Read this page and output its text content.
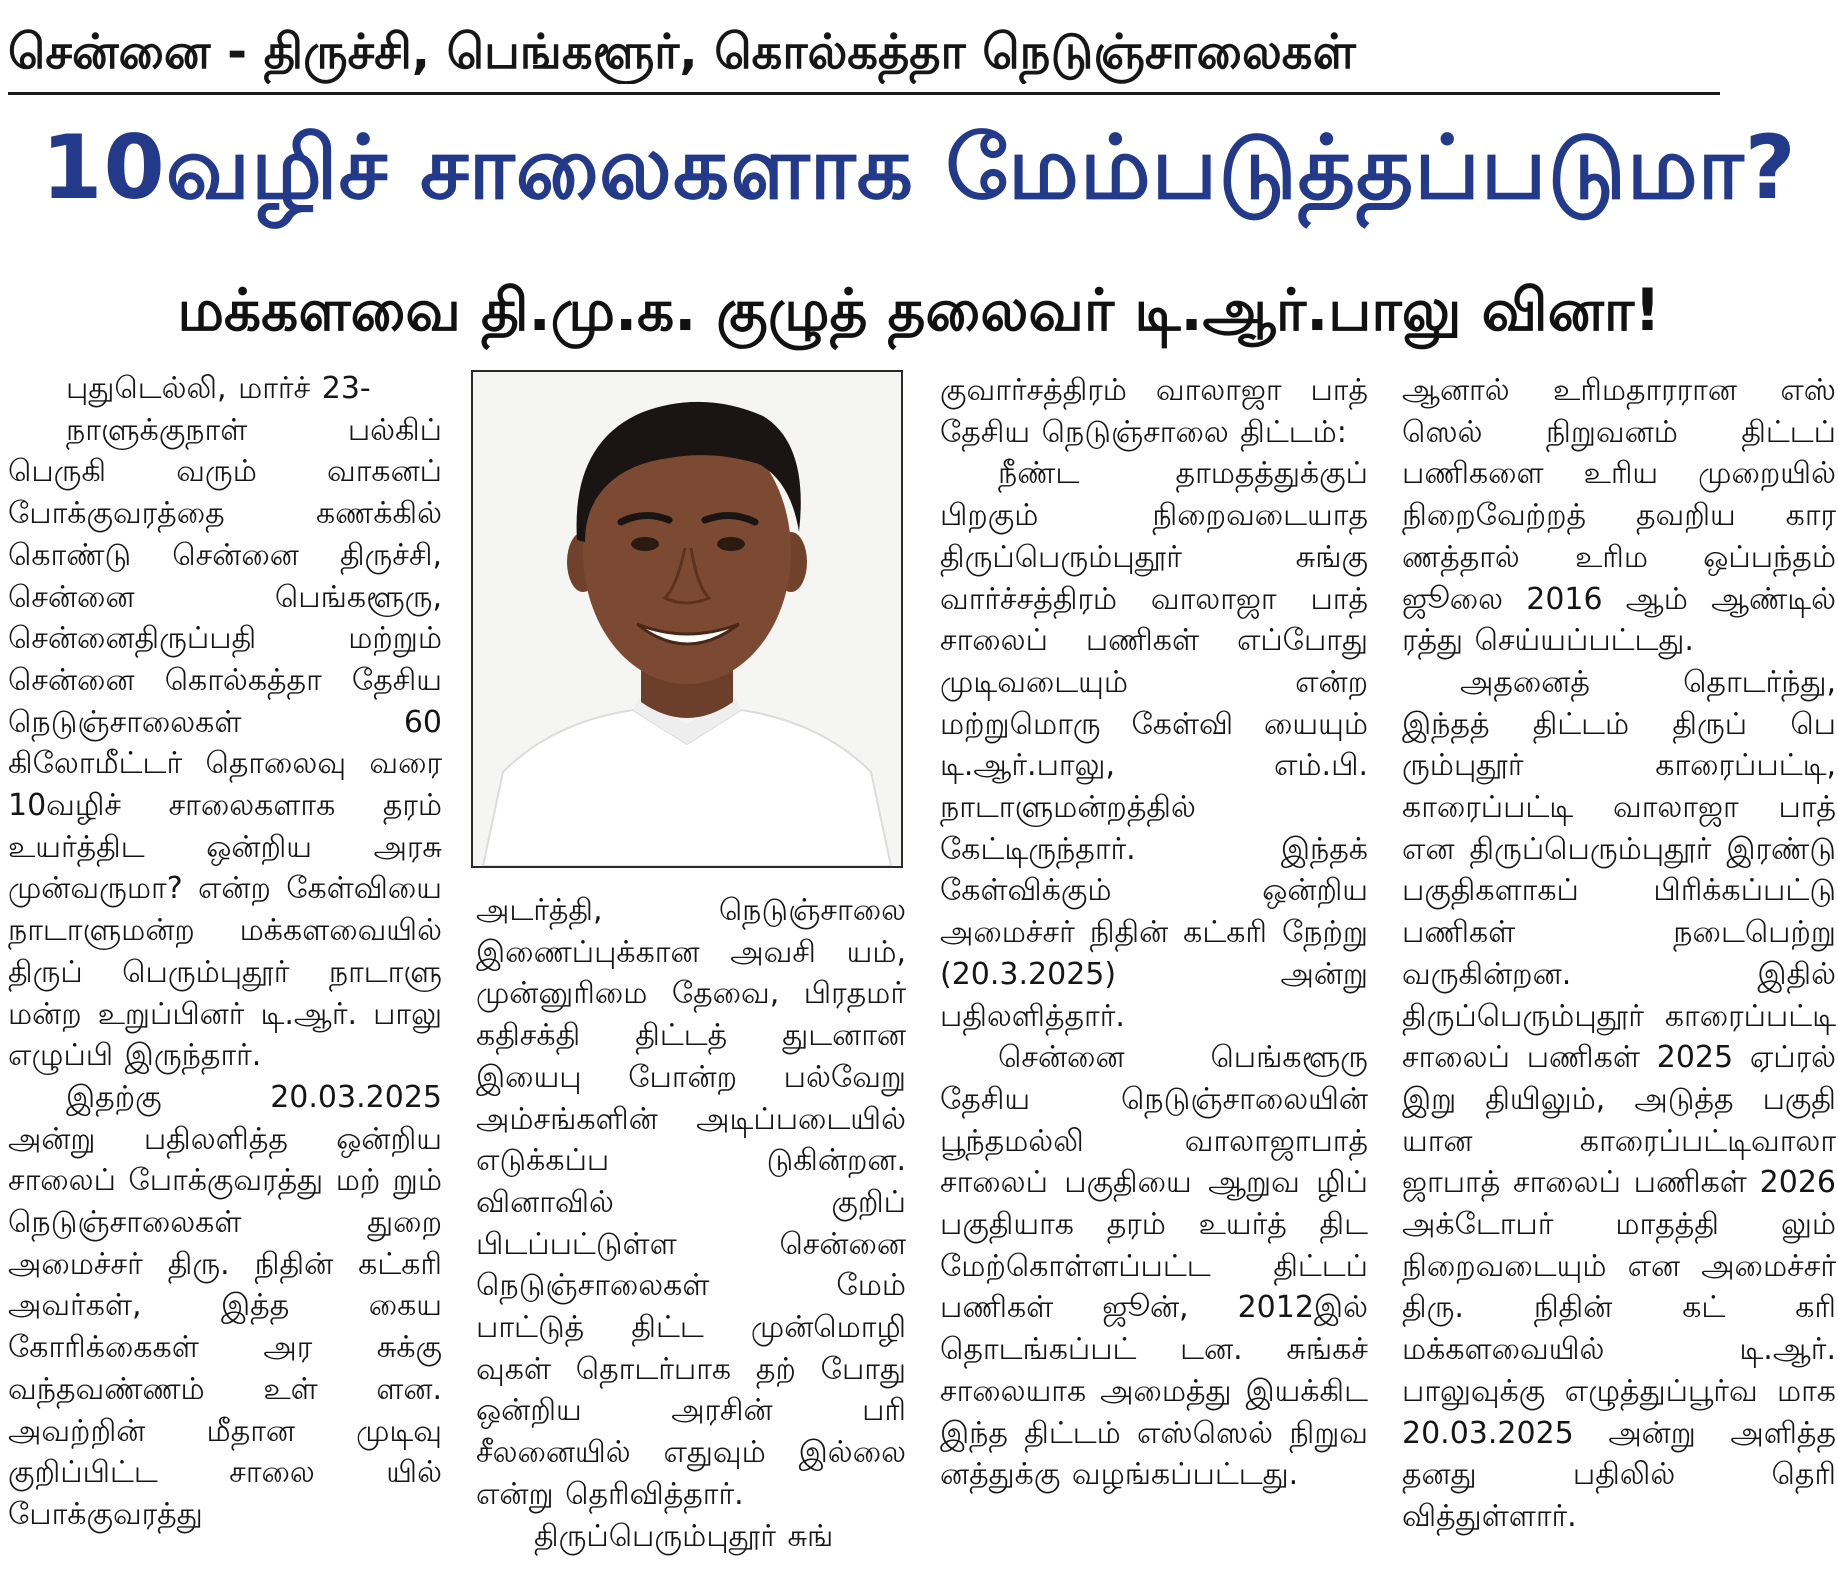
சென்னை - திருச்சி, பெங்களூர், கொல்கத்தா நெடுஞ்சாலைகள்
10வழிச் சாலைகளாக மேம்படுத்தப்படுமா?
மக்களவை தி.மு.க. குழுத் தலைவர் டி.ஆர்.பாலு வினா!

புதுடெல்லி, மார்ச் 23-

நாளுக்குநாள் பல்கிப் பெருகி வரும் வாகனப் போக்குவரத்தை கணக்கில் கொண்டு சென்னை திருச்சி, சென்னை பெங்களூரு, சென்னைதிருப்பதி மற்றும் சென்னை கொல்கத்தா தேசிய நெடுஞ்சாலைகள் 60 கிலோமீட்டர் தொலைவு வரை 10வழிச் சாலைகளாக தரம் உயர்த்திட ஒன்றிய அரசு முன்வருமா? என்ற கேள்வியை நாடாளுமன்ற மக்களவையில் திருப் பெரும்புதூர் நாடாளு மன்ற உறுப்பினர் டி.ஆர். பாலு எழுப்பி இருந்தார்.

இதற்கு 20.03.2025 அன்று பதிலளித்த ஒன்றிய சாலைப் போக்குவரத்து மற் றும் நெடுஞ்சாலைகள் துறை அமைச்சர் திரு. நிதின் கட்கரி அவர்கள், இத்த கைய கோரிக்கைகள் அர சுக்கு வந்தவண்ணம் உள் ளன. அவற்றின் மீதான முடிவு குறிப்பிட்ட சாலை யில் போக்குவரத்து

அடர்த்தி, நெடுஞ்சாலை இணைப்புக்கான அவசி யம், முன்னுரிமை தேவை, பிரதமர் கதிசக்தி திட்டத் துடனான இயைபு போன்ற பல்வேறு அம்சங்களின் அடிப்படையில் எடுக்கப்ப டுகின்றன. வினாவில் குறிப் பிடப்பட்டுள்ள சென்னை நெடுஞ்சாலைகள் மேம் பாட்டுத் திட்ட முன்மொழி வுகள் தொடர்பாக தற் போது ஒன்றிய அரசின் பரி சீலனையில் எதுவும் இல்லை என்று தெரிவித்தார்.

திருப்பெரும்புதூர் சுங்

குவார்சத்திரம் வாலாஜா பாத் தேசிய நெடுஞ்சாலை திட்டம்:

நீண்ட தாமதத்துக்குப் பிறகும் நிறைவடையாத திருப்பெரும்புதூர் சுங்கு வார்ச்சத்திரம் வாலாஜா பாத் சாலைப் பணிகள் எப்போது முடிவடையும் என்ற மற்றுமொரு கேள்வி யையும் டி.ஆர்.பாலு, எம்.பி. நாடாளுமன்றத்தில் கேட்டிருந்தார். இந்தக் கேள்விக்கும் ஒன்றிய அமைச்சர் நிதின் கட்கரி நேற்று (20.3.2025) அன்று பதிலளித்தார்.

சென்னை பெங்களூரு தேசிய நெடுஞ்சாலையின் பூந்தமல்லி வாலாஜாபாத் சாலைப் பகுதியை ஆறுவ ழிப் பகுதியாக தரம் உயர்த் திட மேற்கொள்ளப்பட்ட திட்டப் பணிகள் ஜூன், 2012இல் தொடங்கப்பட் டன. சுங்கச் சாலையாக அமைத்து இயக்கிட இந்த திட்டம் எஸ்ஸெல் நிறுவ னத்துக்கு வழங்கப்பட்டது.

ஆனால் உரிமதாரரான எஸ் ஸெல் நிறுவனம் திட்டப் பணிகளை உரிய முறையில் நிறைவேற்றத் தவறிய கார ணத்தால் உரிம ஒப்பந்தம் ஜூலை 2016 ஆம் ஆண்டில் ரத்து செய்யப்பட்டது.

அதனைத் தொடர்ந்து, இந்தத் திட்டம் திருப் பெ ரும்புதூர் காரைப்பட்டி, காரைப்பட்டி வாலாஜா பாத் என திருப்பெரும்புதூர் இரண்டு பகுதிகளாகப் பிரிக்கப்பட்டு பணிகள் நடைபெற்று வருகின்றன. இதில் திருப்பெரும்புதூர் காரைப்பட்டி சாலைப் பணிகள் 2025 ஏப்ரல் இறு தியிலும், அடுத்த பகுதி யான காரைப்பட்டிவாலா ஜாபாத் சாலைப் பணிகள் 2026 அக்டோபர் மாதத்தி லும் நிறைவடையும் என அமைச்சர் திரு. நிதின் கட் கரி மக்களவையில் டி.ஆர். பாலுவுக்கு எழுத்துப்பூர்வ மாக 20.03.2025 அன்று அளித்த தனது பதிலில் தெரி வித்துள்ளார்.
